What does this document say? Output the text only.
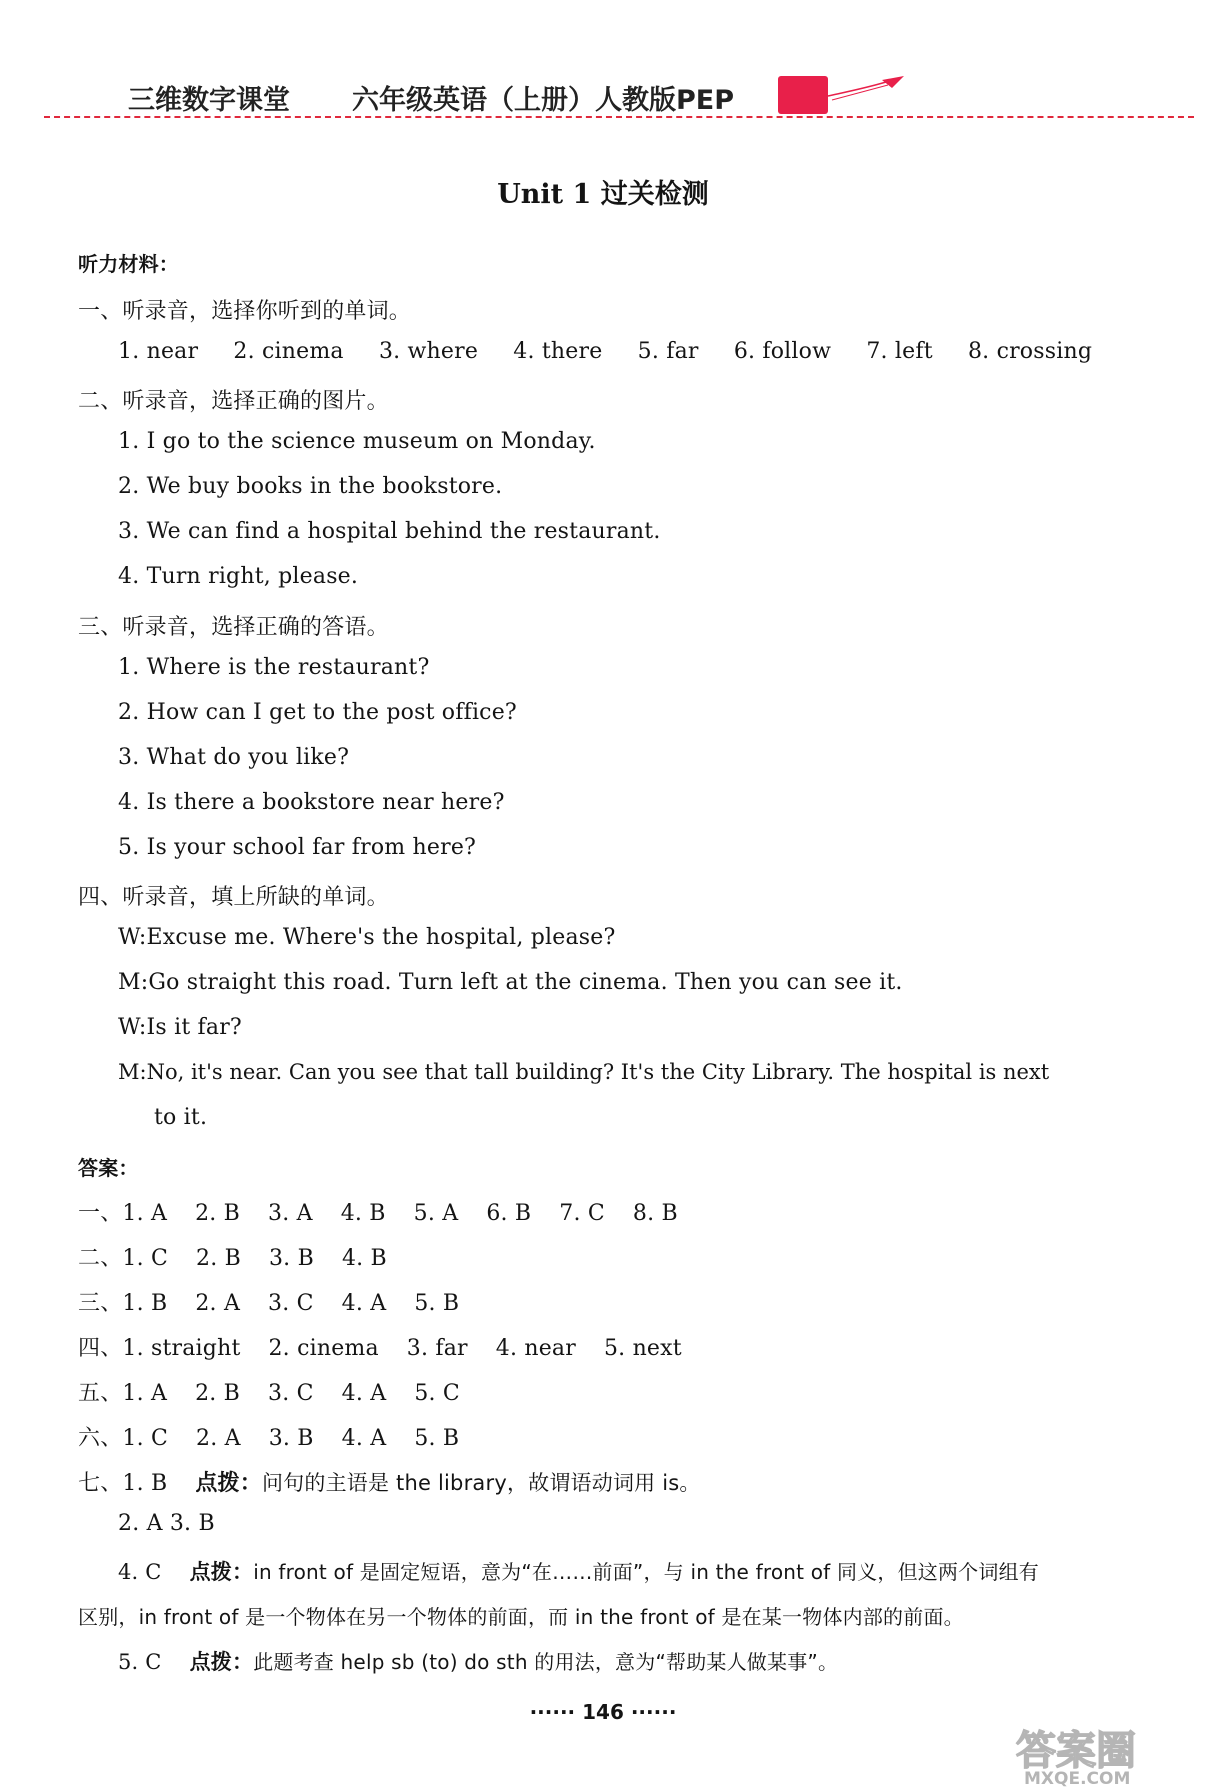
三维数字课堂 六年级英语（上册）人教版PEP
Unit 1 过关检测
听力材料：
一、听录音，选择你听到的单词。
1. near 2. cinema 3. where 4. there 5. far 6. follow 7. left 8. crossing
二、听录音，选择正确的图片。
1. I go to the science museum on Monday.
2. We buy books in the bookstore.
3. We can find a hospital behind the restaurant.
4. Turn right, please.
三、听录音，选择正确的答语。
1. Where is the restaurant?
2. How can I get to the post office?
3. What do you like?
4. Is there a bookstore near here?
5. Is your school far from here?
四、听录音，填上所缺的单词。
W:Excuse me. Where's the hospital, please?
M:Go straight this road. Turn left at the cinema. Then you can see it.
W:Is it far?
M:No, it's near. Can you see that tall building? It's the City Library. The hospital is next
to it.
答案：
一、1. A 2. B 3. A 4. B 5. A 6. B 7. C 8. B
二、1. C 2. B 3. B 4. B
三、1. B 2. A 3. C 4. A 5. B
四、1. straight 2. cinema 3. far 4. near 5. next
五、1. A 2. B 3. C 4. A 5. C
六、1. C 2. A 3. B 4. A 5. B
七、1. B 点拨：问句的主语是 the library，故谓语动词用 is。
2. A 3. B
4. C 点拨：in front of 是固定短语，意为“在……前面”，与 in the front of 同义，但这两个词组有
区别，in front of 是一个物体在另一个物体的前面，而 in the front of 是在某一物体内部的前面。
5. C 点拨：此题考查 help sb (to) do sth 的用法，意为“帮助某人做某事”。
······ 146 ······
答案圈
MXQE.COM
